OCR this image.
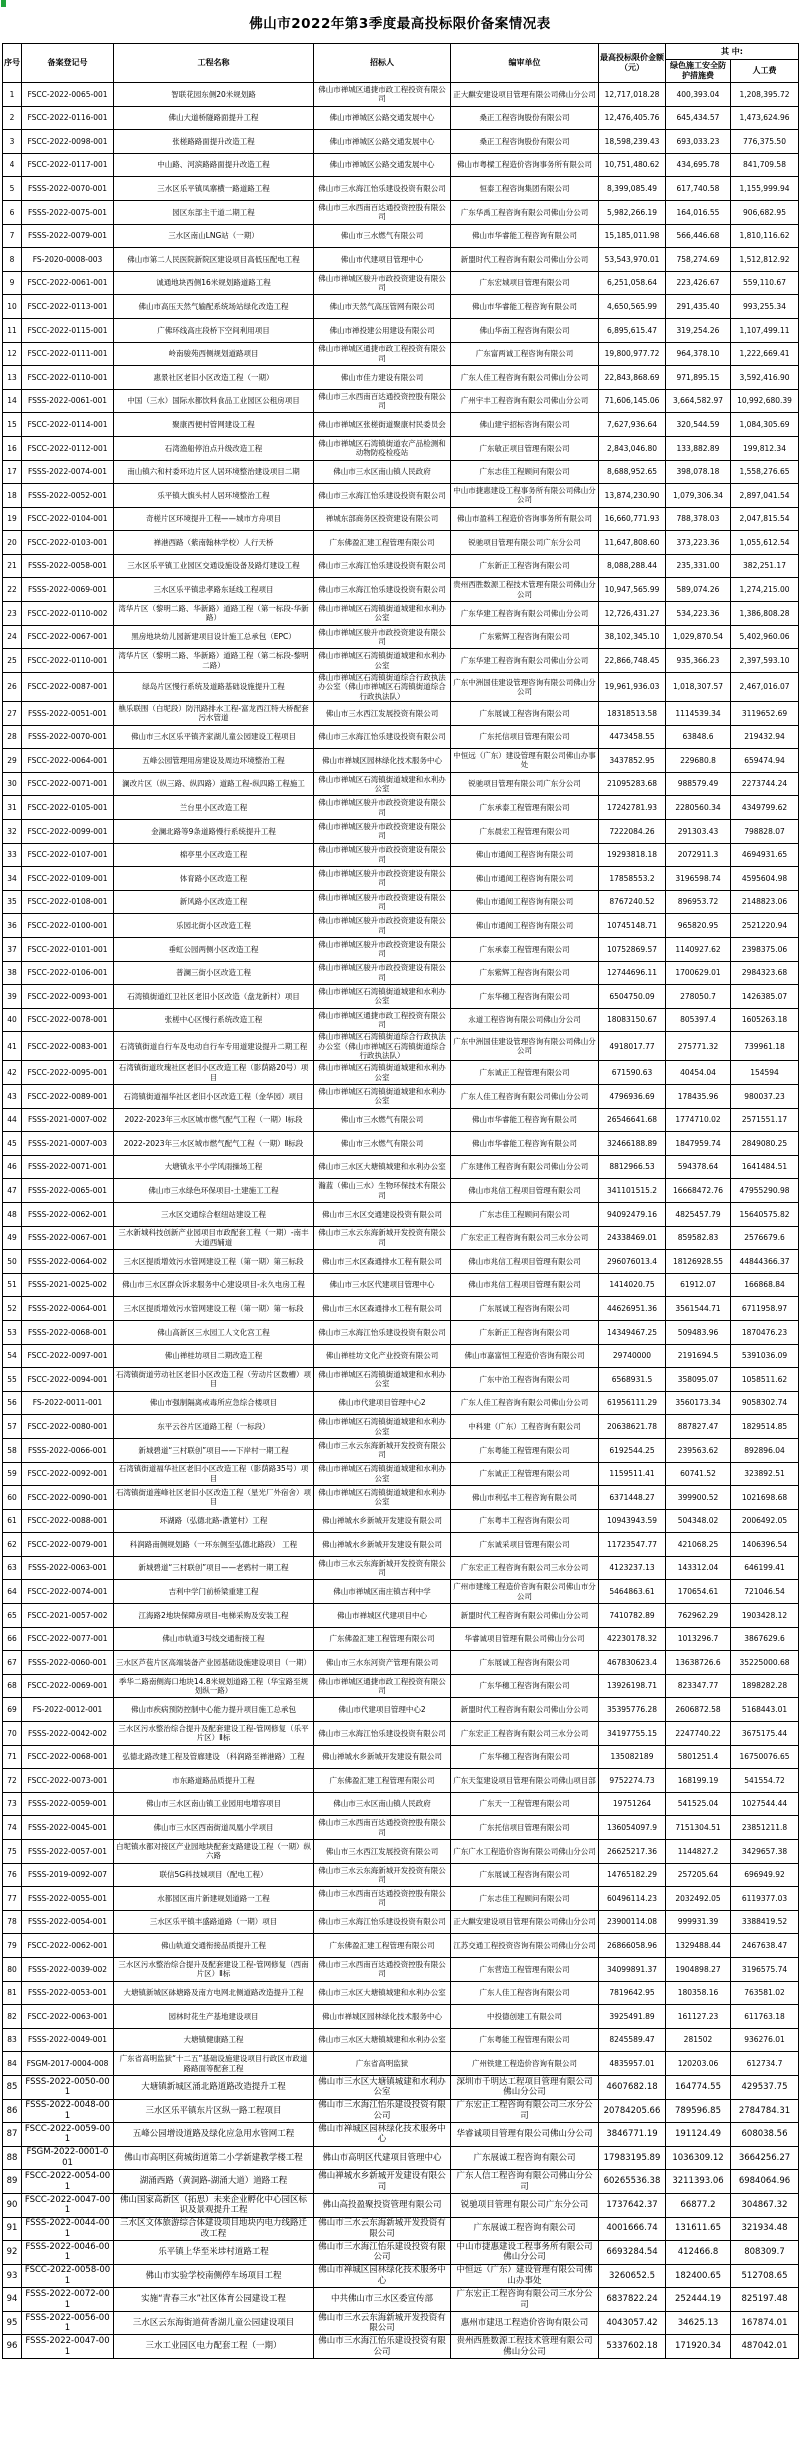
佛山市2022年第3季度最高投标限价备案情况表
序号	备案登记号	工程名称	招标人	编审单位	最高投标限价金额（元）	其 中:	
						绿色施工安全防护措施费	人工费
1	FSCC-2022-0065-001	智联花园东侧20米规划路	佛山市禅城区通捷市政工程投资有限公司	正大麒安建设项目管理有限公司佛山分公司	12,717,018.28	400,393.04	1,208,395.72
2	FSCC-2022-0116-001	佛山大道桥隧路面提升工程	佛山市禅城区公路交通发展中心	桑正工程咨询股份有限公司	12,476,405.76	645,434.57	1,473,624.96
3	FSCC-2022-0098-001	张槎路路面提升改造工程	佛山市禅城区公路交通发展中心	桑正工程咨询股份有限公司	18,598,239.43	693,033.23	776,375.50
4	FSCC-2022-0117-001	中山路、河滨路路面提升改造工程	佛山市禅城区公路交通发展中心	佛山市粤樑工程造价咨询事务所有限公司	10,751,480.62	434,695.78	841,709.58
5	FSSS-2022-0070-001	三水区乐平镇凤寨横一路道路工程	佛山市三水海江怡乐建设投资有限公司	恒泰工程咨询集团有限公司	8,399,085.49	617,740.58	1,155,999.94
6	FSSS-2022-0075-001	园区东部主干道二期工程	佛山市三水西南百达通投资控股有限公司	广东华禹工程咨询有限公司佛山分公司	5,982,266.19	164,016.55	906,682.95
7	FSSS-2022-0079-001	三水区南山LNG站（一期）	佛山市三水燃气有限公司	佛山市华睿能工程咨询有限公司	15,185,011.98	566,446.68	1,810,116.62
8	FS-2020-0008-003	佛山市第二人民医院新院区建设项目高低压配电工程	佛山市代建项目管理中心	新盟时代工程咨询有限公司佛山分公司	53,543,970.01	758,274.69	1,512,812.92
9	FSCC-2022-0061-001	诚通地块西侧16米规划路道路工程	佛山市禅城区骏升市政投资建设有限公司	广东宏城项目管理有限公司	6,251,058.64	223,426.67	559,110.67
10	FSCC-2022-0113-001	佛山市高压天然气输配系统场站绿化改造工程	佛山市天然气高压管网有限公司	佛山市华睿能工程咨询有限公司	4,650,565.99	291,435.40	993,255.34
11	FSCC-2022-0115-001	广佛环线高庄段桥下空间利用项目	佛山市禅投建公用建设有限公司	佛山华南工程咨询有限公司	6,895,615.47	319,254.26	1,107,499.11
12	FSCC-2022-0111-001	岭南骏苑西侧规划道路项目	佛山市禅城区通捷市政工程投资有限公司	广东富两诚工程咨询有限公司	19,800,977.72	964,378.10	1,222,669.41
13	FSCC-2022-0110-001	惠景社区老旧小区改造工程（一期）	佛山市佳力建设有限公司	广东人佳工程咨询有限公司佛山分公司	22,843,868.69	971,895.15	3,592,416.90
14	FSSS-2022-0061-001	中国（三水）国际水都饮料食品工业园区公租房项目	佛山市三水西南百达通投资控股有限公司	广州宇丰工程咨询有限公司佛山分公司	71,606,145.06	3,664,582.97	10,992,680.39
15	FSCC-2022-0114-001	聚康西便村管网建设工程	佛山市禅城区张槎街道聚康村民委员会	佛山建宇招标咨询有限公司	7,627,936.64	320,544.59	1,084,305.69
16	FSCC-2022-0112-001	石湾渔船停泊点升级改造工程	佛山市禅城区石湾镇街道农产品检测和动物防疫检疫站	广东敏正项目管理有限公司	2,843,046.80	133,882.89	199,812.34
17	FSSS-2022-0074-001	南山镇六和村委环边片区人居环境整治建设项目二期	佛山市三水区南山镇人民政府	广东志佳工程顾问有限公司	8,688,952.65	398,078.18	1,558,276.65
18	FSSS-2022-0052-001	乐平镇大旗头村人居环境整治工程	佛山市三水海江怡乐建设投资有限公司	中山市捷惠建设工程事务所有限公司佛山分公司	13,874,230.90	1,079,306.34	2,897,041.54
19	FSCC-2022-0104-001	奇槎片区环境提升工程——城市方舟项目	禅城东部商务区投资建设有限公司	佛山市盈科工程造价咨询事务所有限公司	16,660,771.93	788,378.03	2,047,815.54
20	FSCC-2022-0103-001	禅港西路（紫南翰林学校）人行天桥	广东佛盈汇建工程管理有限公司	锐驰项目管理有限公司广东分公司	11,647,808.60	373,223.36	1,055,612.54
21	FSSS-2022-0058-001	三水区乐平镇工业园区交通设施设备及路灯建设工程	佛山市三水海江怡乐建设投资有限公司	广东新正工程咨询有限公司	8,088,288.44	235,331.00	382,251.17
22	FSSS-2022-0069-001	三水区乐平镇忠孝路东延线工程项目	佛山市三水海江怡乐建设投资有限公司	贵州西胜数源工程技术管理有限公司佛山分公司	10,947,565.99	589,074.26	1,274,215.00
23	FSCC-2022-0110-002	湾华片区（黎明二路、华新路）道路工程（第一标段-华新路）	佛山市禅城区石湾镇街道城建和水利办公室	广东华建工程咨询有限公司佛山分公司	12,726,431.27	534,223.36	1,386,808.28
24	FSCC-2022-0067-001	黑房地块幼儿园新建项目设计施工总承包（EPC）	佛山市禅城区骏升市政投资建设有限公司	广东紫辉工程咨询有限公司	38,102,345.10	1,029,870.54	5,402,960.06
25	FSCC-2022-0110-001	湾华片区（黎明二路、华新路）道路工程（第二标段-黎明二路）	佛山市禅城区石湾镇街道城建和水利办公室	广东华建工程咨询有限公司佛山分公司	22,866,748.45	935,366.23	2,397,593.10
26	FSCC-2022-0087-001	绿岛片区慢行系统及道路基础设施提升工程	佛山市禅城区石湾镇街道综合行政执法办公室（佛山市禅城区石湾镇街道综合行政执法队）	广东中洲国佳建设管理咨询有限公司佛山分公司	19,961,936.03	1,018,307.57	2,467,016.07
27	FSSS-2022-0051-001	樵乐联围（白坭段）防汛路排水工程-富龙西江特大桥配套污水管道	佛山市三水西江发展投资有限公司	广东展诚工程咨询有限公司	18318513.58	1114539.34	3119652.69
28	FSSS-2022-0070-001	佛山市三水区乐平镇齐家湖儿童公园建设工程项目	佛山市三水海江怡乐建设投资有限公司	广东托信项目管理有限公司	4473458.55	63848.6	219432.94
29	FSCC-2022-0064-001	五峰公园管理用房建设及周边环境整治工程	佛山市禅城区园林绿化技术服务中心	中恒远（广东）建设管理有限公司佛山办事处	3437852.95	229680.8	659474.94
30	FSCC-2022-0071-001	澜改片区（纵三路、纵四路）道路工程-纵四路工程施工	佛山市禅城区石湾镇街道城建和水利办公室	锐驰项目管理有限公司广东分公司	21095283.68	988579.49	2273744.24
31	FSCC-2022-0105-001	兰台里小区改造工程	佛山市禅城区骏升市政投资建设有限公司	广东承泰工程管理有限公司	17242781.93	2280560.34	4349799.62
32	FSCC-2022-0099-001	金澜北路等9条道路慢行系统提升工程	佛山市禅城区骏升市政投资建设有限公司	广东晨宏工程管理有限公司	7222084.26	291303.43	798828.07
33	FSCC-2022-0107-001	棉亭里小区改造工程	佛山市禅城区骏升市政投资建设有限公司	佛山市通阅工程咨询有限公司	19293818.18	2072911.3	4694931.65
34	FSCC-2022-0109-001	体育路小区改造工程	佛山市禅城区骏升市政投资建设有限公司	佛山市通阅工程咨询有限公司	17858553.2	3196598.74	4595604.98
35	FSCC-2022-0108-001	新风路小区改造工程	佛山市禅城区骏升市政投资建设有限公司	佛山市通阅工程咨询有限公司	8767240.52	896953.72	2148823.06
36	FSCC-2022-0100-001	乐园北街小区改造工程	佛山市禅城区骏升市政投资建设有限公司	佛山市通阅工程咨询有限公司	10745148.71	965820.95	2521220.94
37	FSCC-2022-0101-001	垂虹公园两侧小区改造工程	佛山市禅城区骏升市政投资建设有限公司	广东承泰工程管理有限公司	10752869.57	1140927.62	2398375.06
38	FSCC-2022-0106-001	普澜三街小区改造工程	佛山市禅城区骏升市政投资建设有限公司	广东紫辉工程咨询有限公司	12744696.11	1700629.01	2984323.68
39	FSCC-2022-0093-001	石湾镇街道红卫社区老旧小区改造（盘龙新村）项目	佛山市禅城区石湾镇街道城建和水利办公室	广东华穗工程咨询有限公司	6504750.09	278050.7	1426385.07
40	FSCC-2022-0078-001	张槎中心区慢行系统改造工程	佛山市禅城区通捷市政工程投资有限公司	永道工程咨询有限公司佛山分公司	18083150.67	805397.4	1605263.18
41	FSCC-2022-0083-001	石湾镇街道自行车及电动自行车专用道建设提升二期工程	佛山市禅城区石湾镇街道综合行政执法办公室（佛山市禅城区石湾镇街道综合行政执法队）	广东中洲国佳建设管理咨询有限公司佛山分公司	4918017.77	275771.32	739961.18
42	FSCC-2022-0095-001	石湾镇街道玫瑰社区老旧小区改造工程（影荫路20号）项目	佛山市禅城区石湾镇街道城建和水利办公室	广东诚正工程管理有限公司	671590.63	40454.04	154594
43	FSCC-2022-0089-001	石湾镇街道福华社区老旧小区改造工程（金华园）项目	佛山市禅城区石湾镇街道城建和水利办公室	广东人佳工程咨询有限公司佛山分公司	4796936.69	178435.96	980037.23
44	FSSS-2021-0007-002	2022-2023年三水区城市燃气配气工程（一期）Ⅰ标段	佛山市三水燃气有限公司	佛山市华睿能工程咨询有限公司	26546641.68	1774710.02	2571551.17
45	FSSS-2021-0007-003	2022-2023年三水区城市燃气配气工程（一期）Ⅱ标段	佛山市三水燃气有限公司	佛山市华睿能工程咨询有限公司	32466188.89	1847959.74	2849080.25
46	FSSS-2022-0071-001	大塘镇永平小学风雨操场工程	佛山市三水区大塘镇城建和水利办公室	广东建伟工程咨询有限公司佛山分公司	8812966.53	594378.64	1641484.51
47	FSSS-2022-0065-001	佛山市三水绿色环保项目-土建施工工程	瀚蓝（佛山三水）生物环保技术有限公司	佛山市兆信工程项目管理有限公司	341101515.2	16668472.76	47955290.98
48	FSSS-2022-0062-001	三水区交通综合枢纽站建设工程	佛山市三水区交通建设投资有限公司	广东志佳工程顾问有限公司	94092479.16	4825457.79	15640575.82
49	FSSS-2022-0067-001	三水新城科技创新产业园项目市政配套工程（一期）-南丰大道西辅道	佛山市三水云东海新城开发投资有限公司	广东宏正工程咨询有限公司三水分公司	24338469.01	859582.83	2576679.6
50	FSSS-2022-0064-002	三水区提质增效污水管网建设工程（第一期）第三标段	佛山市三水区森通排水工程有限公司	佛山市兆信工程项目管理有限公司	296076013.4	18126928.55	44844366.37
51	FSSS-2021-0025-002	佛山市三水区群众诉求服务中心建设项目-永久电房工程	佛山市三水区代建项目管理中心	佛山市兆信工程项目管理有限公司	1414020.75	61912.07	166868.84
52	FSSS-2022-0064-001	三水区提质增效污水管网建设工程（第一期）第一标段	佛山市三水区森通排水工程有限公司	广东展诚工程咨询有限公司	44626951.36	3561544.71	6711958.97
53	FSSS-2022-0068-001	佛山高新区三水园工人文化宫工程	佛山市三水海江怡乐建设投资有限公司	广东新正工程咨询有限公司	14349467.25	509483.96	1870476.23
54	FSCC-2022-0097-001	佛山禅桂坊项目二期改造工程	佛山禅桂坊文化产业投资有限公司	佛山市嘉富恒工程造价咨询有限公司	29740000	2191694.5	5391036.09
55	FSCC-2022-0094-001	石湾镇街道劳动社区老旧小区改造工程（劳动片区数槽）项目	佛山市禅城区石湾镇街道城建和水利办公室	广东中治工程咨询有限公司	6568931.5	358095.07	1058511.62
56	FS-2022-0011-001	佛山市强制隔离戒毒所应急综合楼项目	佛山市代建项目管理中心2	广东人佳工程咨询有限公司佛山分公司	61956111.29	3560173.34	9058302.74
57	FSCC-2022-0080-001	东平云谷片区道路工程（一标段）	佛山市禅城区石湾镇街道城建和水利办公室	中科建（广东）工程咨询有限公司	20638621.78	887827.47	1829514.85
58	FSSS-2022-0066-001	新城碧道“三村联创”项目——下岸村一期工程	佛山市三水云东海新城开发投资有限公司	广东粤能工程管理有限公司	6192544.25	239563.62	892896.04
59	FSCC-2022-0092-001	石湾镇街道福华社区老旧小区改造工程（影荫路35号）项目	佛山市禅城区石湾镇街道城建和水利办公室	广东诚正工程管理有限公司	1159511.41	60741.52	323892.51
60	FSCC-2022-0090-001	石湾镇街道莲峰社区老旧小区改造工程（星光厂外宿舍）项目	佛山市禅城区石湾镇街道城建和水利办公室	佛山市利弘丰工程咨询有限公司	6371448.27	399900.52	1021698.68
61	FSCC-2022-0088-001	环湖路（弘德北路-漖筻村）工程	佛山禅城水乡新城开发建设有限公司	广东粤丰工程咨询有限公司	10943943.59	504348.02	2006492.05
62	FSCC-2022-0079-001	科润路南侧规划路（一环东侧至弘德北路段） 工程	佛山禅城水乡新城开发建设有限公司	广东诚采项目管理有限公司	11723547.77	421068.25	1406396.54
63	FSSS-2022-0063-001	新城碧道“三村联创”项目——老鸦村一期工程	佛山市三水云东海新城开发投资有限公司	广东宏正工程咨询有限公司三水分公司	4123237.13	143312.04	646199.41
64	FSCC-2022-0074-001	吉利中学门前桥梁重建工程	佛山市禅城区南庄镇吉利中学	广州市建缘工程造价咨询有限公司佛山市分公司	5464863.61	170654.61	721046.54
65	FSCC-2021-0057-002	江海路2地块保障房项目-电梯采购及安装工程	佛山市禅城区代建项目中心	新盟时代工程咨询有限公司佛山分公司	7410782.89	762962.29	1903428.12
66	FSCC-2022-0077-001	佛山市轨道3号线交通衔接工程	广东佛盈汇建工程管理有限公司	华睿诚项目管理有限公司佛山分公司	42230178.32	1013296.7	3867629.6
67	FSSS-2022-0060-001	三水区芦苞片区高端装备产业园基础设施建设项目（一期）	佛山市三水东河资产管理有限公司	广东展诚工程咨询有限公司	467830623.4	13638726.6	35225000.68
68	FSCC-2022-0069-001	季华二路南侧海口地块14.8米规划道路工程（华宝路至规划纵一路）	佛山市禅城区通捷市政工程投资有限公司	广东华穗工程咨询有限公司	13926198.71	823347.77	1898282.28
69	FS-2022-0012-001	佛山市疾病预防控制中心能力提升项目施工总承包	佛山市代建项目管理中心2	新盟时代工程咨询有限公司佛山分公司	35395776.28	2606872.58	5168443.01
70	FSSS-2022-0042-002	三水区污水整治综合提升及配套建设工程-管网修复（乐平片区）Ⅱ标	佛山市三水海江怡乐建设投资有限公司	广东宏正工程咨询有限公司三水分公司	34197755.15	2247740.22	3675175.44
71	FSCC-2022-0068-001	弘德北路改建工程及管廊建设 （科润路至禅港路）工程	佛山禅城水乡新城开发建设有限公司	广东华穗工程咨询有限公司	135082189	5801251.4	16750076.65
72	FSCC-2022-0073-001	市东路道路品质提升工程	广东佛盈汇建工程管理有限公司	广东天玺建设项目管理有限公司佛山项目部	9752274.73	168199.19	541554.72
73	FSSS-2022-0059-001	佛山市三水区南山镇工业园用电增容项目	佛山市三水区南山镇人民政府	广东天一工程管理有限公司	19751264	541525.04	1027544.44
74	FSSS-2022-0045-001	佛山市三水区西南街道凤凰小学项目	佛山市三水西南百达通投资控股有限公司	广东托信项目管理有限公司	136054097.9	7151304.51	23851211.8
75	FSSS-2022-0057-001	白坭镇水都对接区产业园地块配套支路建设工程（一期）纵六路	佛山市三水西江发展投资有限公司	广东广水工程造价咨询有限公司佛山分公司	26625217.36	1144827.2	3429657.38
76	FSSS-2019-0092-007	联信5G科技城项目（配电工程）	佛山市三水云东海新城开发投资有限公司	广东展诚工程咨询有限公司	14765182.29	257205.64	696949.92
77	FSSS-2022-0055-001	水都园区南片新建规划道路一工程	佛山市三水西南百达通投资控股有限公司	广东志佳工程顾问有限公司	60496114.23	2032492.05	6119377.03
78	FSSS-2022-0054-001	三水区乐平镇丰盛路道路（一期）项目	佛山市三水海江怡乐建设投资有限公司	正大麒安建设项目管理有限公司佛山分公司	23900114.08	999931.39	3388419.52
79	FSCC-2022-0062-001	佛山轨道交通衔接品质提升工程	广东佛盈汇建工程管理有限公司	江苏交通工程投资咨询有限公司佛山分公司	26866058.96	1329488.44	2467638.47
80	FSSS-2022-0039-002	三水区污水整治综合提升及配套建设工程-管网修复（西南片区）Ⅱ标	佛山市三水西南百达通投资控股有限公司	广东营造工程管理有限公司	34099891.37	1904898.27	3196575.74
81	FSSS-2022-0053-001	大塘镇新城区砵塘路及南方电网北侧道路改造提升工程	佛山市三水区大塘镇城建和水利办公室	广东人佳工程咨询有限公司	7819642.95	180358.16	763581.02
82	FSCC-2022-0063-001	园林时花生产基地建设项目	佛山市禅城区园林绿化技术服务中心	中投德创建工有限公司	3925491.89	161127.23	611763.18
83	FSSS-2022-0049-001	大塘镇健康路工程	佛山市三水区大塘镇城建和水利办公室	广东粤能工程管理有限公司	8245589.47	281502	936276.01
84	FSGM-2017-0004-008	广东省高明监狱“十二五”基础设施建设项目行政区市政道路路面等配套工程	广东省高明监狱	广州铁建工程造价咨询有限公司	4835957.01	120203.06	612734.7
85	FSSS-2022-0050-001	大塘镇新城区涌北路道路改造提升工程	佛山市三水区大塘镇城建和水利办公室	深圳市千明达工程项目管理有限公司佛山分公司	4607682.18	164774.55	429537.75
86	FSSS-2022-0048-001	三水区乐平镇东片区纵一路工程项目	佛山市三水海江怡乐建设投资有限公司	广东宏正工程咨询有限公司三水分公司	20784205.66	789596.85	2784784.31
87	FSCC-2022-0059-001	五峰公园增设道路及绿化应急用水管网工程	佛山市禅城区园林绿化技术服务中心	华睿诚项目管理有限公司佛山分公司	3846771.19	191124.49	608038.56
88	FSGM-2022-0001-001	佛山市高明区荷城街道第二小学新建教学楼工程	佛山市高明区代建项目管理中心	广东展诚工程咨询有限公司	17983195.89	1036309.12	3664256.27
89	FSCC-2022-0054-001	湖涌西路（黄洞路-湖涌大道）道路工程	佛山禅城水乡新城开发建设有限公司	广东人信工程咨询有限公司佛山分公司	60265536.38	3211393.06	6984064.96
90	FSCC-2022-0047-001	佛山国家高新区（拓思）未来企业孵化中心园区标识及景观提升工程	佛山高投盈聚投资管理有限公司	锐驰项目管理有限公司广东分公司	1737642.37	66877.2	304867.32
91	FSSS-2022-0044-001	三水区文体旅游综合体建设项目地块内电力线路迁改工程	佛山市三水云东海新城开发投资有限公司	广东展诚工程咨询有限公司	4001666.74	131611.65	321934.48
92	FSSS-2022-0046-001	乐平镇上华至米埗村道路工程	佛山市三水海江怡乐建设投资有限公司	中山市捷惠建设工程事务所有限公司佛山分公司	6693284.54	412466.8	808309.7
93	FSCC-2022-0058-001	佛山市实验学校南侧停车场项目工程	佛山市禅城区园林绿化技术服务中心	中恒远（广东）建设管理有限公司佛山办事处	3260652.5	182400.65	512708.65
94	FSSS-2022-0072-001	实施“青春三水”社区体育公园建设工程	中共佛山市三水区委宣传部	广东宏正工程咨询有限公司三水分公司	6837822.24	252444.19	825197.48
95	FSSS-2022-0056-001	三水区云东海街道荷香湖儿童公园建设项目	佛山市三水云东海新城开发投资有限公司	惠州市建迅工程造价咨询有限公司	4043057.42	34625.13	167874.01
96	FSSS-2022-0047-001	三水工业园区电力配套工程（一期）	佛山市三水海江怡乐建设投资有限公司	贵州西胜数源工程技术管理有限公司佛山分公司	5337602.18	171920.34	487042.01
